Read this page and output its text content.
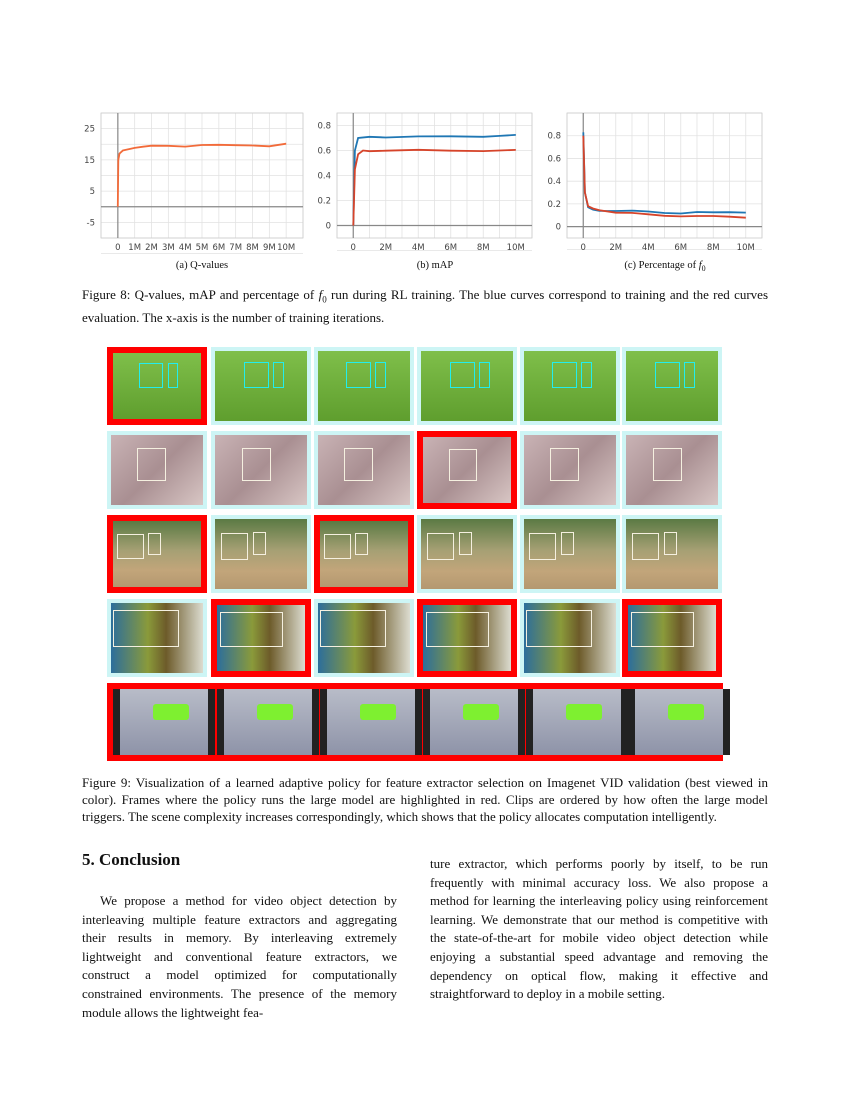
-5
5
15
25
0 1M 2M 3M 4M 5M 6M 7M 8M 9M 10M
0
0.2
0.4
0.6
0.8
0	2M 4M 6M 8M 10M
0
0.2
0.4
0.6
0.8
0	2M 4M 6M 8M 10M
(a) Q-values	(b) mAP	(c) Percentage of $f_0$
Figure 8: Q-values, mAP and percentage of $f_0$ run during RL training. The blue curves correspond to training and the red curves evaluation. The x-axis is the number of training iterations.
Figure 9: Visualization of a learned adaptive policy for feature extractor selection on Imagenet VID validation (best viewed in color). Frames where the policy runs the large model are highlighted in red. Clips are ordered by how often the large model triggers. The scene complexity increases correspondingly, which shows that the policy allocates computation intelligently.
5. Conclusion
We propose a method for video object detection by interleaving multiple feature extractors and aggregating their results in memory. By interleaving extremely lightweight and conventional feature extractors, we construct a model optimized for computationally constrained environments. The presence of the memory module allows the lightweight fea-
ture extractor, which performs poorly by itself, to be run frequently with minimal accuracy loss. We also propose a method for learning the interleaving policy using reinforcement learning. We demonstrate that our method is competitive with the state-of-the-art for mobile video object detection while enjoying a substantial speed advantage and removing the dependency on optical flow, making it effective and straightforward to deploy in a mobile setting.
